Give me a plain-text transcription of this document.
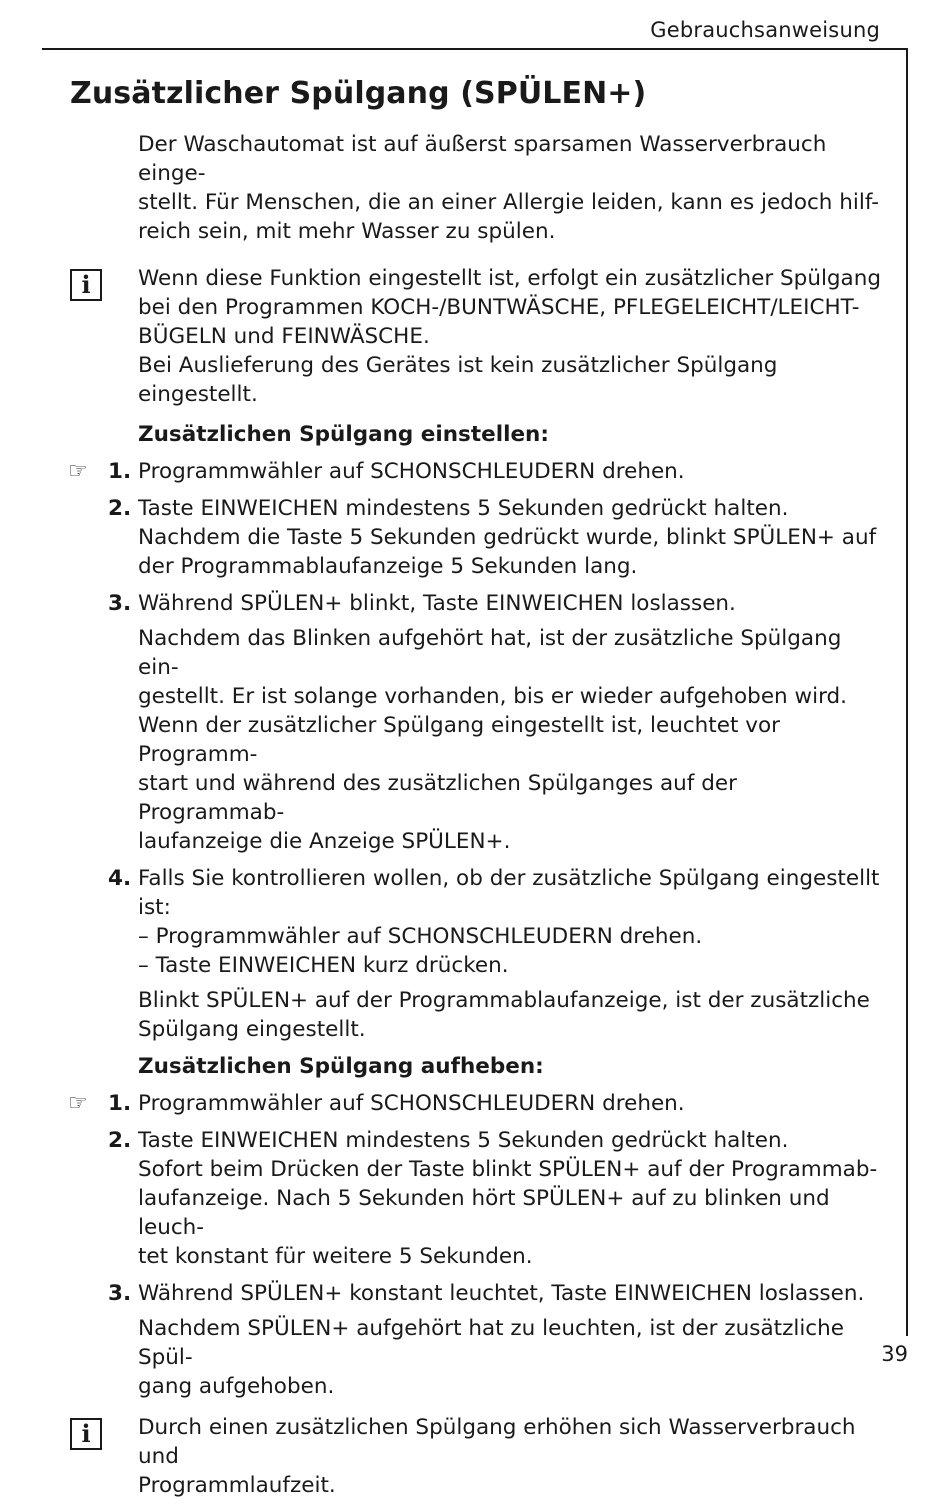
Gebrauchsanweisung
Zusätzlicher Spülgang (SPÜLEN+)

Der Waschautomat ist auf äußerst sparsamen Wasserverbrauch einge-

stellt. Für Menschen, die an einer Allergie leiden, kann es jedoch hilf-

reich sein, mit mehr Wasser zu spülen.

i	Wenn diese Funktion eingestellt ist, erfolgt ein zusätzlicher Spülgang

bei den Programmen KOCH-/BUNTWÄSCHE, PFLEGELEICHT/LEICHT-

BÜGELN und FEINWÄSCHE.

Bei Auslieferung des Gerätes ist kein zusätzlicher Spülgang eingestellt.

Zusätzlichen Spülgang einstellen:
☞ 1. Programmwähler auf SCHONSCHLEUDERN drehen.

2. Taste EINWEICHEN mindestens 5 Sekunden gedrückt halten.

Nachdem die Taste 5 Sekunden gedrückt wurde, blinkt SPÜLEN+ auf

der Programmablaufanzeige 5 Sekunden lang.

3. Während SPÜLEN+ blinkt, Taste EINWEICHEN loslassen.

Nachdem das Blinken aufgehört hat, ist der zusätzliche Spülgang ein-

gestellt. Er ist solange vorhanden, bis er wieder aufgehoben wird.

Wenn der zusätzlicher Spülgang eingestellt ist, leuchtet vor Programm-

start und während des zusätzlichen Spülganges auf der Programmab-

laufanzeige die Anzeige SPÜLEN+.

4. Falls Sie kontrollieren wollen, ob der zusätzliche Spülgang eingestellt

ist:

– Programmwähler auf SCHONSCHLEUDERN drehen.

– Taste EINWEICHEN kurz drücken.

Blinkt SPÜLEN+ auf der Programmablaufanzeige, ist der zusätzliche

Spülgang eingestellt.

Zusätzlichen Spülgang aufheben:
☞ 1. Programmwähler auf SCHONSCHLEUDERN drehen.

2. Taste EINWEICHEN mindestens 5 Sekunden gedrückt halten.

Sofort beim Drücken der Taste blinkt SPÜLEN+ auf der Programmab-

laufanzeige. Nach 5 Sekunden hört SPÜLEN+ auf zu blinken und leuch-

tet konstant für weitere 5 Sekunden.

3. Während SPÜLEN+ konstant leuchtet, Taste EINWEICHEN loslassen.

Nachdem SPÜLEN+ aufgehört hat zu leuchten, ist der zusätzliche Spül-

gang aufgehoben.

i	Durch einen zusätzlichen Spülgang erhöhen sich Wasserverbrauch und

Programmlaufzeit.

39
